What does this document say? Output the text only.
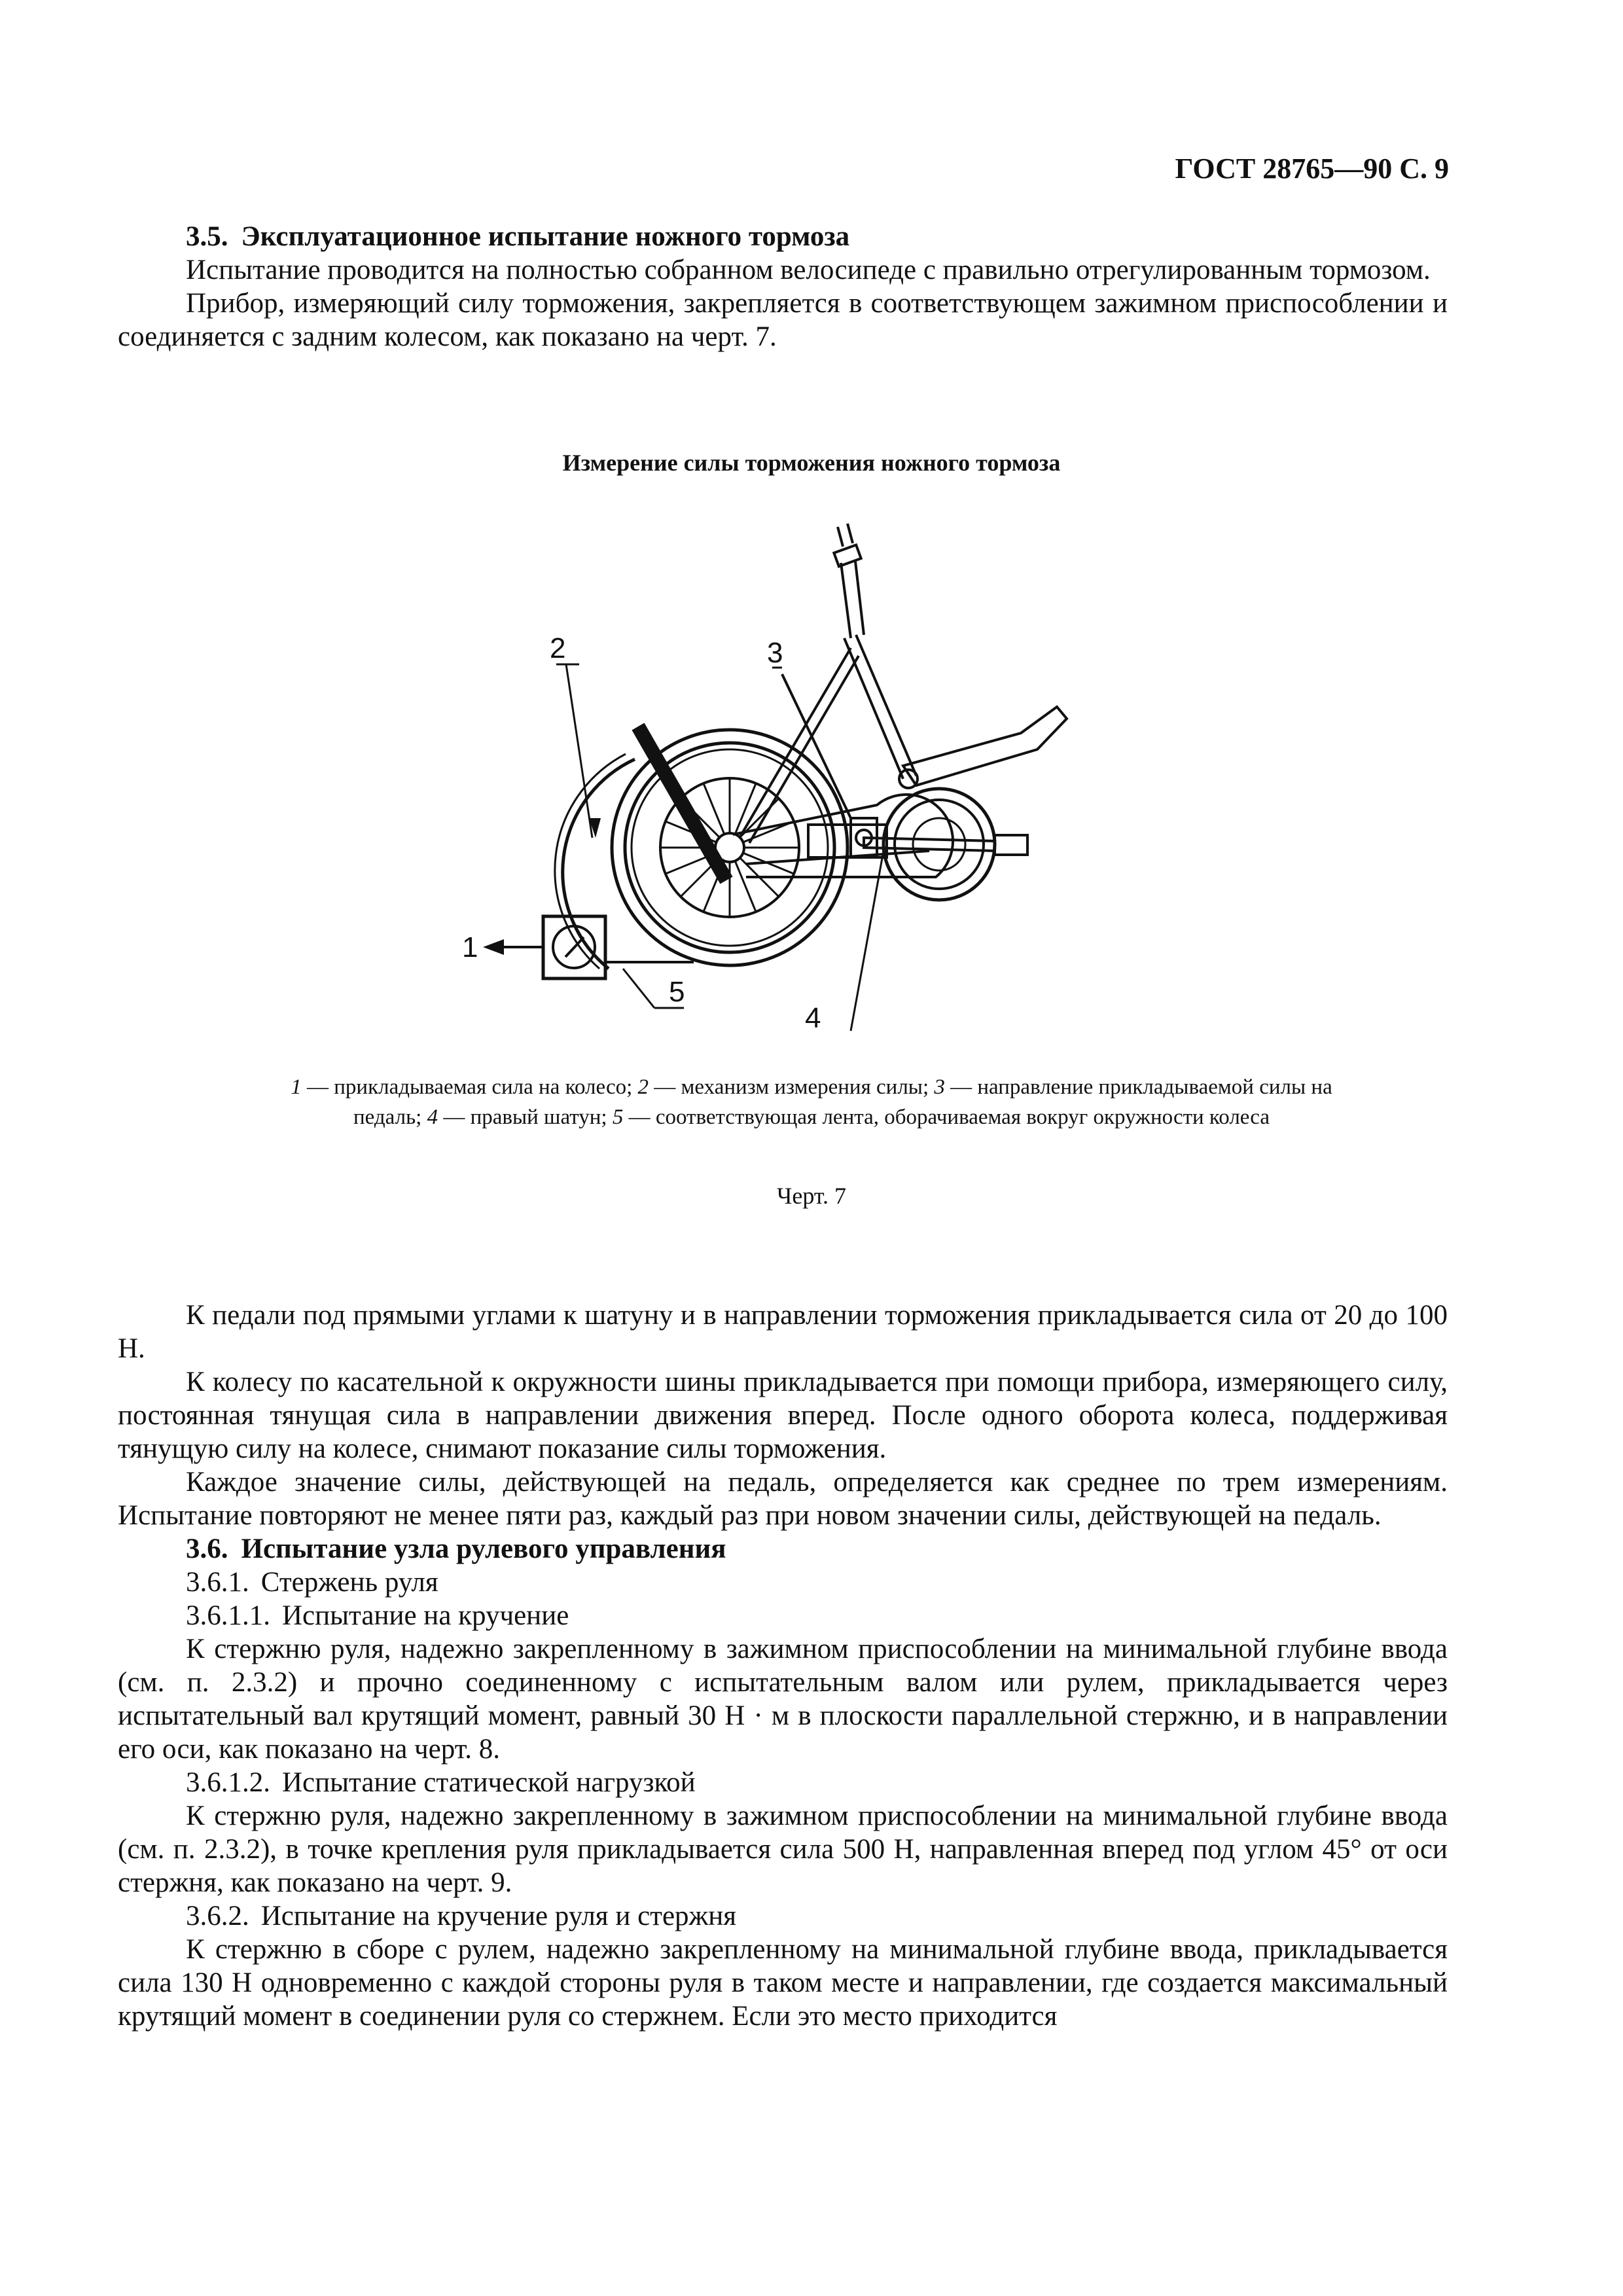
ГОСТ 28765—90 С. 9

3.5. Эксплуатационное испытание ножного тормоза

Испытание проводится на полностью собранном велосипеде с правильно отрегулированным тормозом.

Прибор, измеряющий силу торможения, закрепляется в соответствующем зажимном приспособлении и соединяется с задним колесом, как показано на черт. 7.

Измерение силы торможения ножного тормоза
2	3
1
5
4
1 — прикладываемая сила на колесо; 2 — механизм измерения силы; 3 — направление прикладываемой силы на педаль; 4 — правый шатун; 5 — соответствующая лента, оборачиваемая вокруг окружности колеса
Черт. 7

К педали под прямыми углами к шатуну и в направлении торможения прикладывается сила от 20 до 100 Н.

К колесу по касательной к окружности шины прикладывается при помощи прибора, измеряющего силу, постоянная тянущая сила в направлении движения вперед. После одного оборота колеса, поддерживая тянущую силу на колесе, снимают показание силы торможения.

Каждое значение силы, действующей на педаль, определяется как среднее по трем измерениям. Испытание повторяют не менее пяти раз, каждый раз при новом значении силы, действующей на педаль.

3.6. Испытание узла рулевого управления

3.6.1. Стержень руля

3.6.1.1. Испытание на кручение

К стержню руля, надежно закрепленному в зажимном приспособлении на минимальной глубине ввода (см. п. 2.3.2) и прочно соединенному с испытательным валом или рулем, прикладывается через испытательный вал крутящий момент, равный 30 Н · м в плоскости параллельной стержню, и в направлении его оси, как показано на черт. 8.

3.6.1.2. Испытание статической нагрузкой

К стержню руля, надежно закрепленному в зажимном приспособлении на минимальной глубине ввода (см. п. 2.3.2), в точке крепления руля прикладывается сила 500 Н, направленная вперед под углом 45° от оси стержня, как показано на черт. 9.

3.6.2. Испытание на кручение руля и стержня

К стержню в сборе с рулем, надежно закрепленному на минимальной глубине ввода, прикладывается сила 130 Н одновременно с каждой стороны руля в таком месте и направлении, где создается максимальный крутящий момент в соединении руля со стержнем. Если это место приходится
